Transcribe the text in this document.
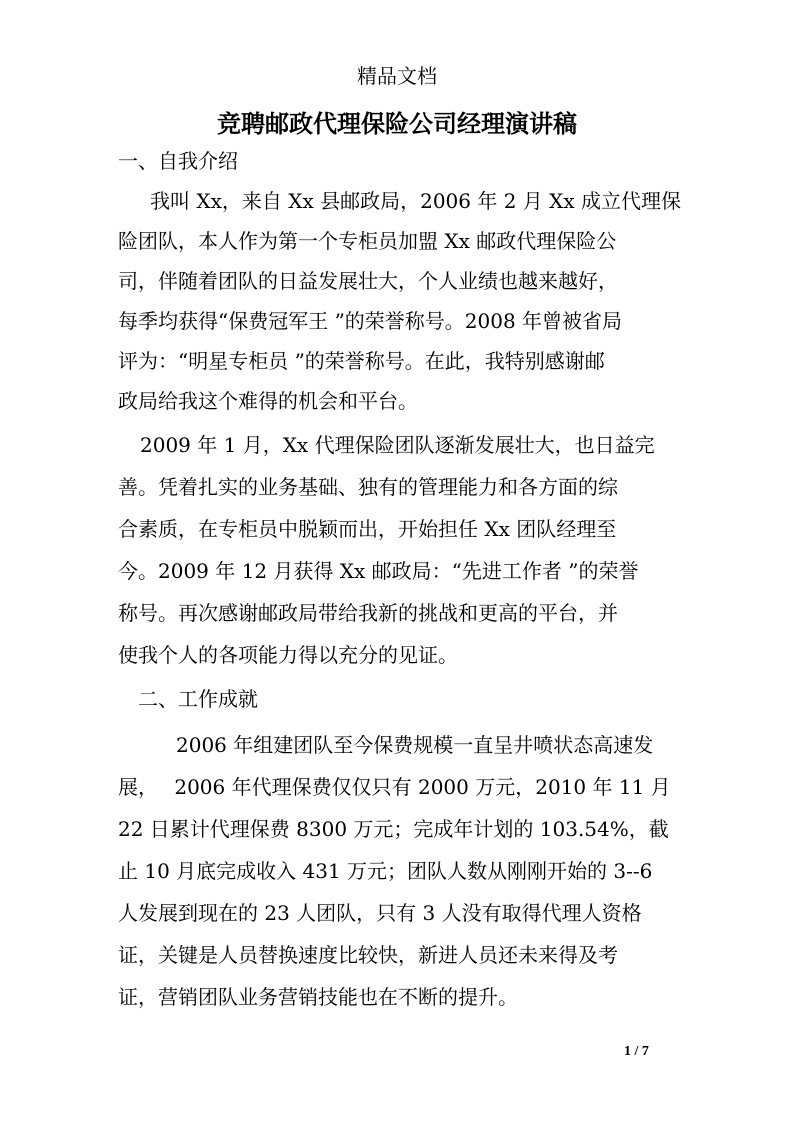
精品文档
竞聘邮政代理保险公司经理演讲稿
一、自我介绍
我叫 Xx，来自 Xx 县邮政局，2006 年 2 月 Xx 成立代理保
险团队，本人作为第一个专柜员加盟 Xx 邮政代理保险公
司，伴随着团队的日益发展壮大，个人业绩也越来越好，
每季均获得“保费冠军王 ”的荣誉称号。2008 年曾被省局
评为：“明星专柜员 ”的荣誉称号。在此，我特别感谢邮
政局给我这个难得的机会和平台。
2009 年 1 月，Xx 代理保险团队逐渐发展壮大，也日益完
善。凭着扎实的业务基础、独有的管理能力和各方面的综
合素质，在专柜员中脱颖而出，开始担任 Xx 团队经理至
今。2009 年 12 月获得 Xx 邮政局：“先进工作者 ”的荣誉
称号。再次感谢邮政局带给我新的挑战和更高的平台，并
使我个人的各项能力得以充分的见证。
二、工作成就
2006 年组建团队至今保费规模一直呈井喷状态高速发
展，　 2006 年代理保费仅仅只有 2000 万元，2010 年 11 月
22 日累计代理保费 8300 万元；完成年计划的 103.54%，截
止 10 月底完成收入 431 万元；团队人数从刚刚开始的 3--6
人发展到现在的 23 人团队，只有 3 人没有取得代理人资格
证，关键是人员替换速度比较快，新进人员还未来得及考
证，营销团队业务营销技能也在不断的提升。
1 / 7
